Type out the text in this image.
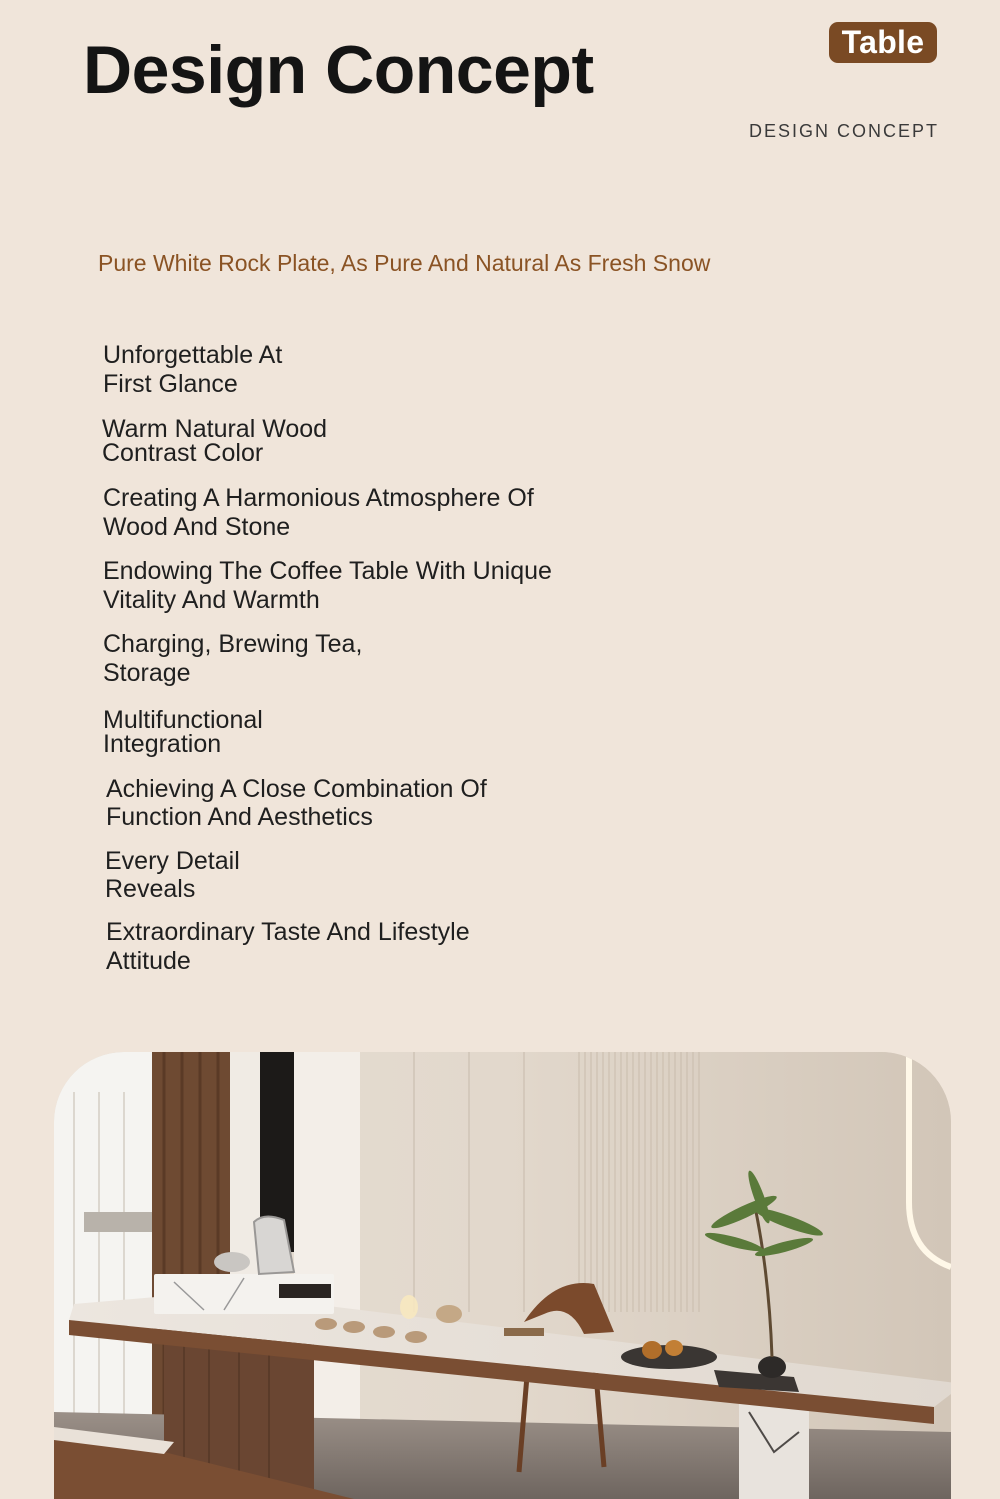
Design Concept	Table
DESIGN CONCEPT
Pure White Rock Plate, As Pure And Natural As Fresh Snow
Unforgettable At
First Glance
Warm Natural Wood
Contrast Color
Creating A Harmonious Atmosphere Of
Wood And Stone
Endowing The Coffee Table With Unique
Vitality And Warmth
Charging, Brewing Tea,
Storage
Multifunctional
Integration
Achieving A Close Combination Of
Function And Aesthetics
Every Detail
Reveals
Extraordinary Taste And Lifestyle
Attitude
